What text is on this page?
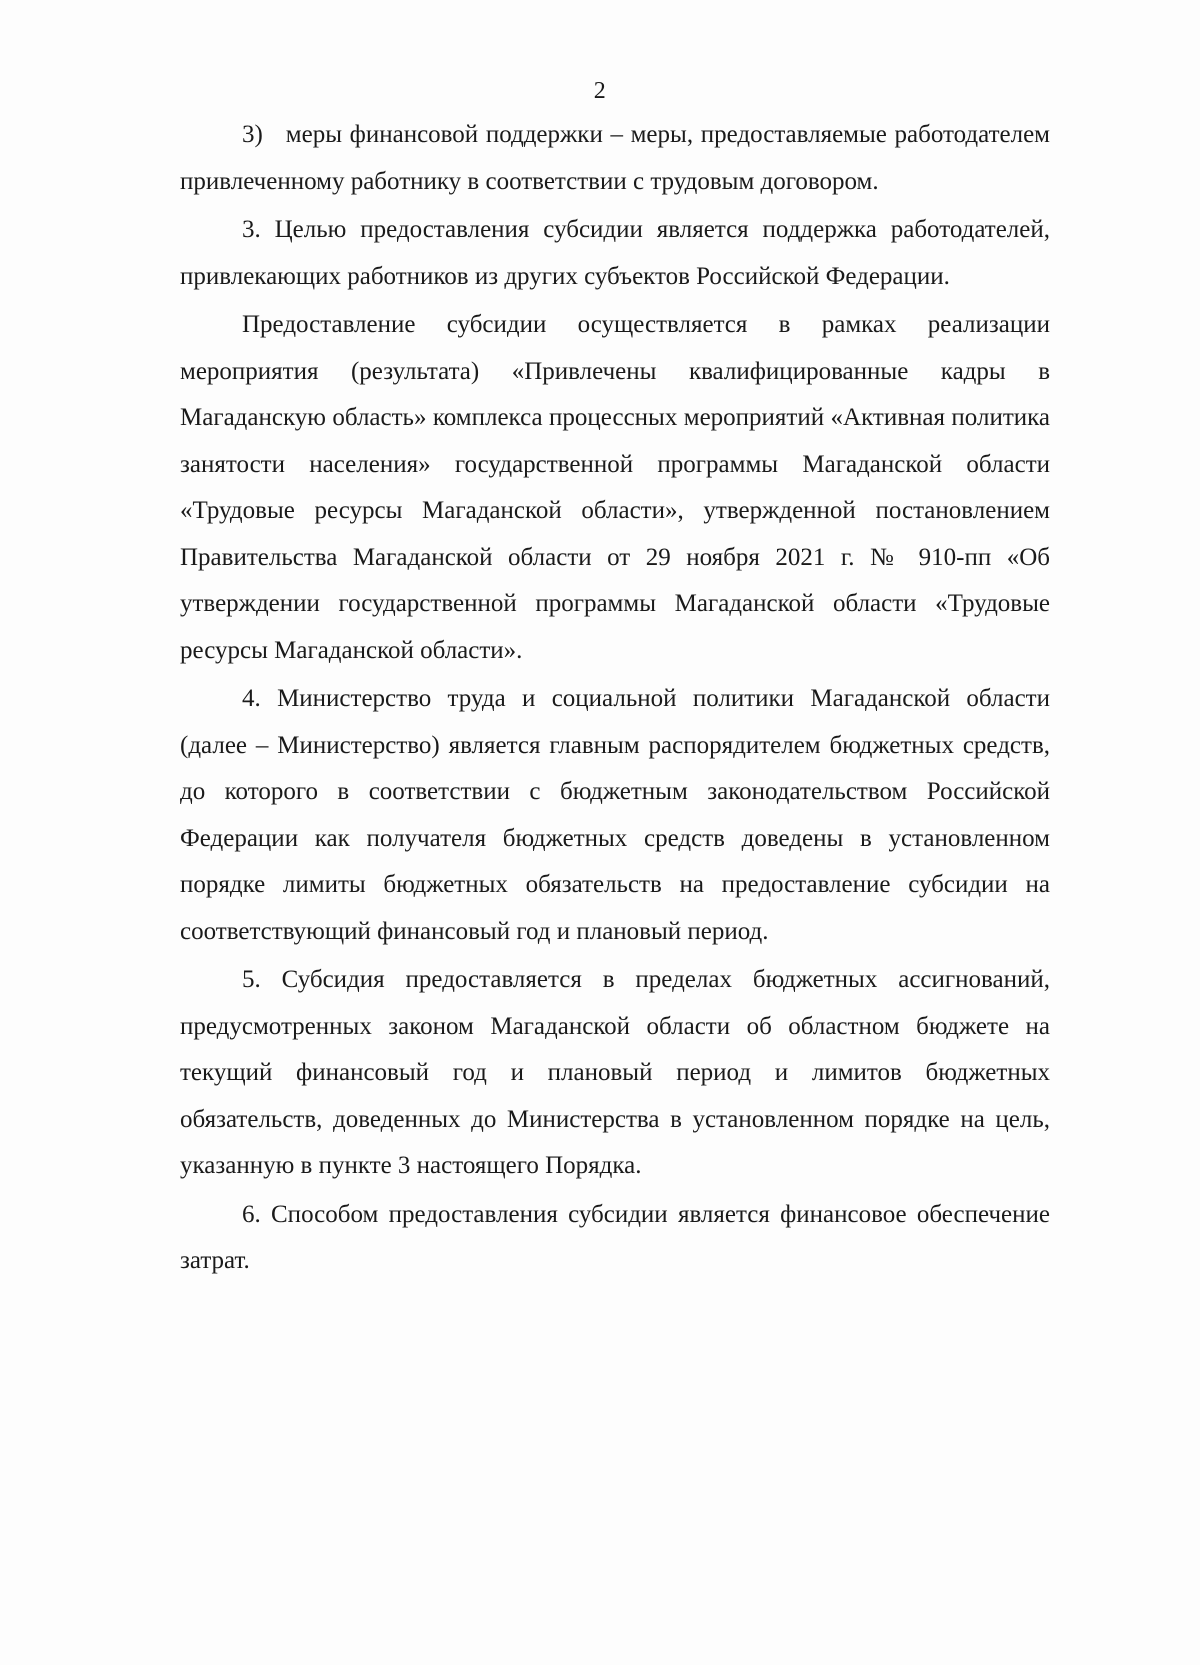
2

3)   меры финансовой поддержки – меры, предоставляемые работодателем привлеченному работнику в соответствии с трудовым договором.

3. Целью предоставления субсидии является поддержка работодателей, привлекающих работников из других субъектов Российской Федерации.

Предоставление субсидии осуществляется в рамках реализации мероприятия (результата) «Привлечены квалифицированные кадры в Магаданскую область» комплекса процессных мероприятий «Активная политика занятости населения» государственной программы Магаданской области «Трудовые ресурсы Магаданской области», утвержденной постановлением Правительства Магаданской области от 29 ноября 2021 г. № 910-пп «Об утверждении государственной программы Магаданской области «Трудовые ресурсы Магаданской области».

4. Министерство труда и социальной политики Магаданской области (далее – Министерство) является главным распорядителем бюджетных средств, до которого в соответствии с бюджетным законодательством Российской Федерации как получателя бюджетных средств доведены в установленном порядке лимиты бюджетных обязательств на предоставление субсидии на соответствующий финансовый год и плановый период.

5. Субсидия предоставляется в пределах бюджетных ассигнований, предусмотренных законом Магаданской области об областном бюджете на текущий финансовый год и плановый период и лимитов бюджетных обязательств, доведенных до Министерства в установленном порядке на цель, указанную в пункте 3 настоящего Порядка.

6. Способом предоставления субсидии является финансовое обеспечение затрат.
